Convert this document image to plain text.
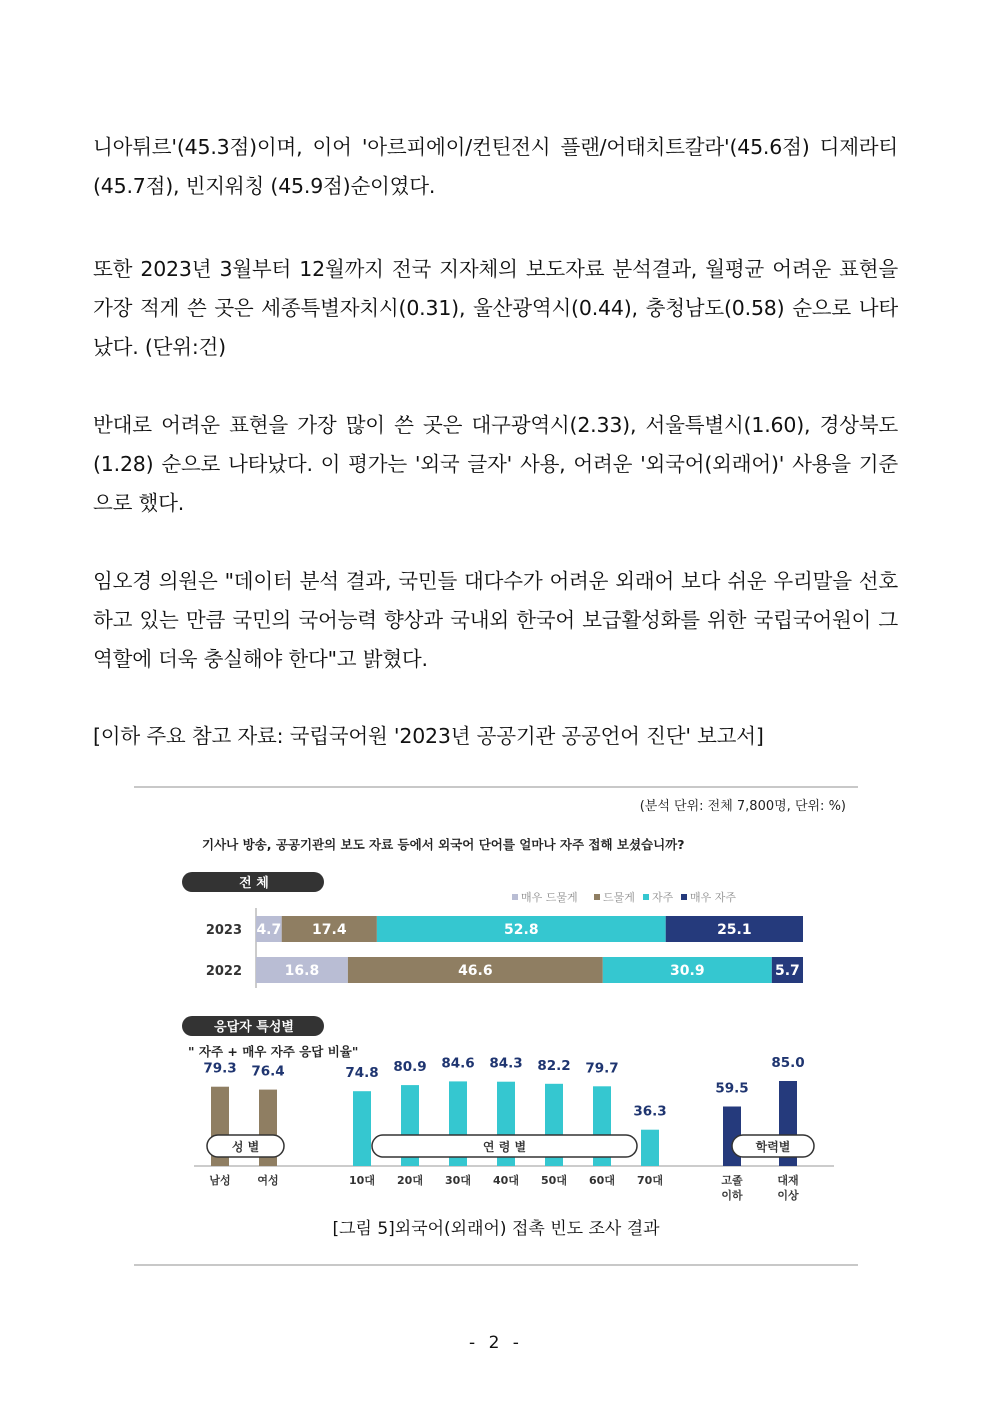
니아튀르'(45.3점)이며, 이어 '아르피에이/컨틴전시 플랜/어태치트칼라'(45.6점) 디제라티(45.7점), 빈지워칭 (45.9점)순이였다.

또한 2023년 3월부터 12월까지 전국 지자체의 보도자료 분석결과, 월평균 어려운 표현을 가장 적게 쓴 곳은 세종특별자치시(0.31), 울산광역시(0.44), 충청남도(0.58) 순으로 나타났다. (단위:건)

반대로 어려운 표현을 가장 많이 쓴 곳은 대구광역시(2.33), 서울특별시(1.60), 경상북도(1.28) 순으로 나타났다. 이 평가는 '외국 글자' 사용, 어려운 '외국어(외래어)' 사용을 기준으로 했다.

임오경 의원은 "데이터 분석 결과, 국민들 대다수가 어려운 외래어 보다 쉬운 우리말을 선호하고 있는 만큼 국민의 국어능력 향상과 국내외 한국어 보급활성화를 위한 국립국어원이 그 역할에 더욱 충실해야 한다"고 밝혔다.

[이하 주요 참고 자료: 국립국어원 '2023년 공공기관 공공언어 진단' 보고서]

(분석 단위: 전체 7,800명, 단위: %)
기사나 방송, 공공기관의 보도 자료 등에서 외국어 단어를 얼마나 자주 접해 보셨습니까?
전 체
매우 드물게 드물게 자주 매우 자주
2023 4.7 17.4	52.8	25.1
2022	16.8	46.6	30.9	5.7
응답자 특성별
" 자주 + 매우 자주 응답 비율"
79.3
남성
76.4
여성
성 별
74.8
10대
80.9
20대
84.6
30대
84.3
40대
82.2
50대
79.7
60대
36.3
70대
연 령 별
59.5
고졸
이하
85.0
대재
이상
학력별
[그림 5]외국어(외래어) 접촉 빈도 조사 결과
- 2 -
